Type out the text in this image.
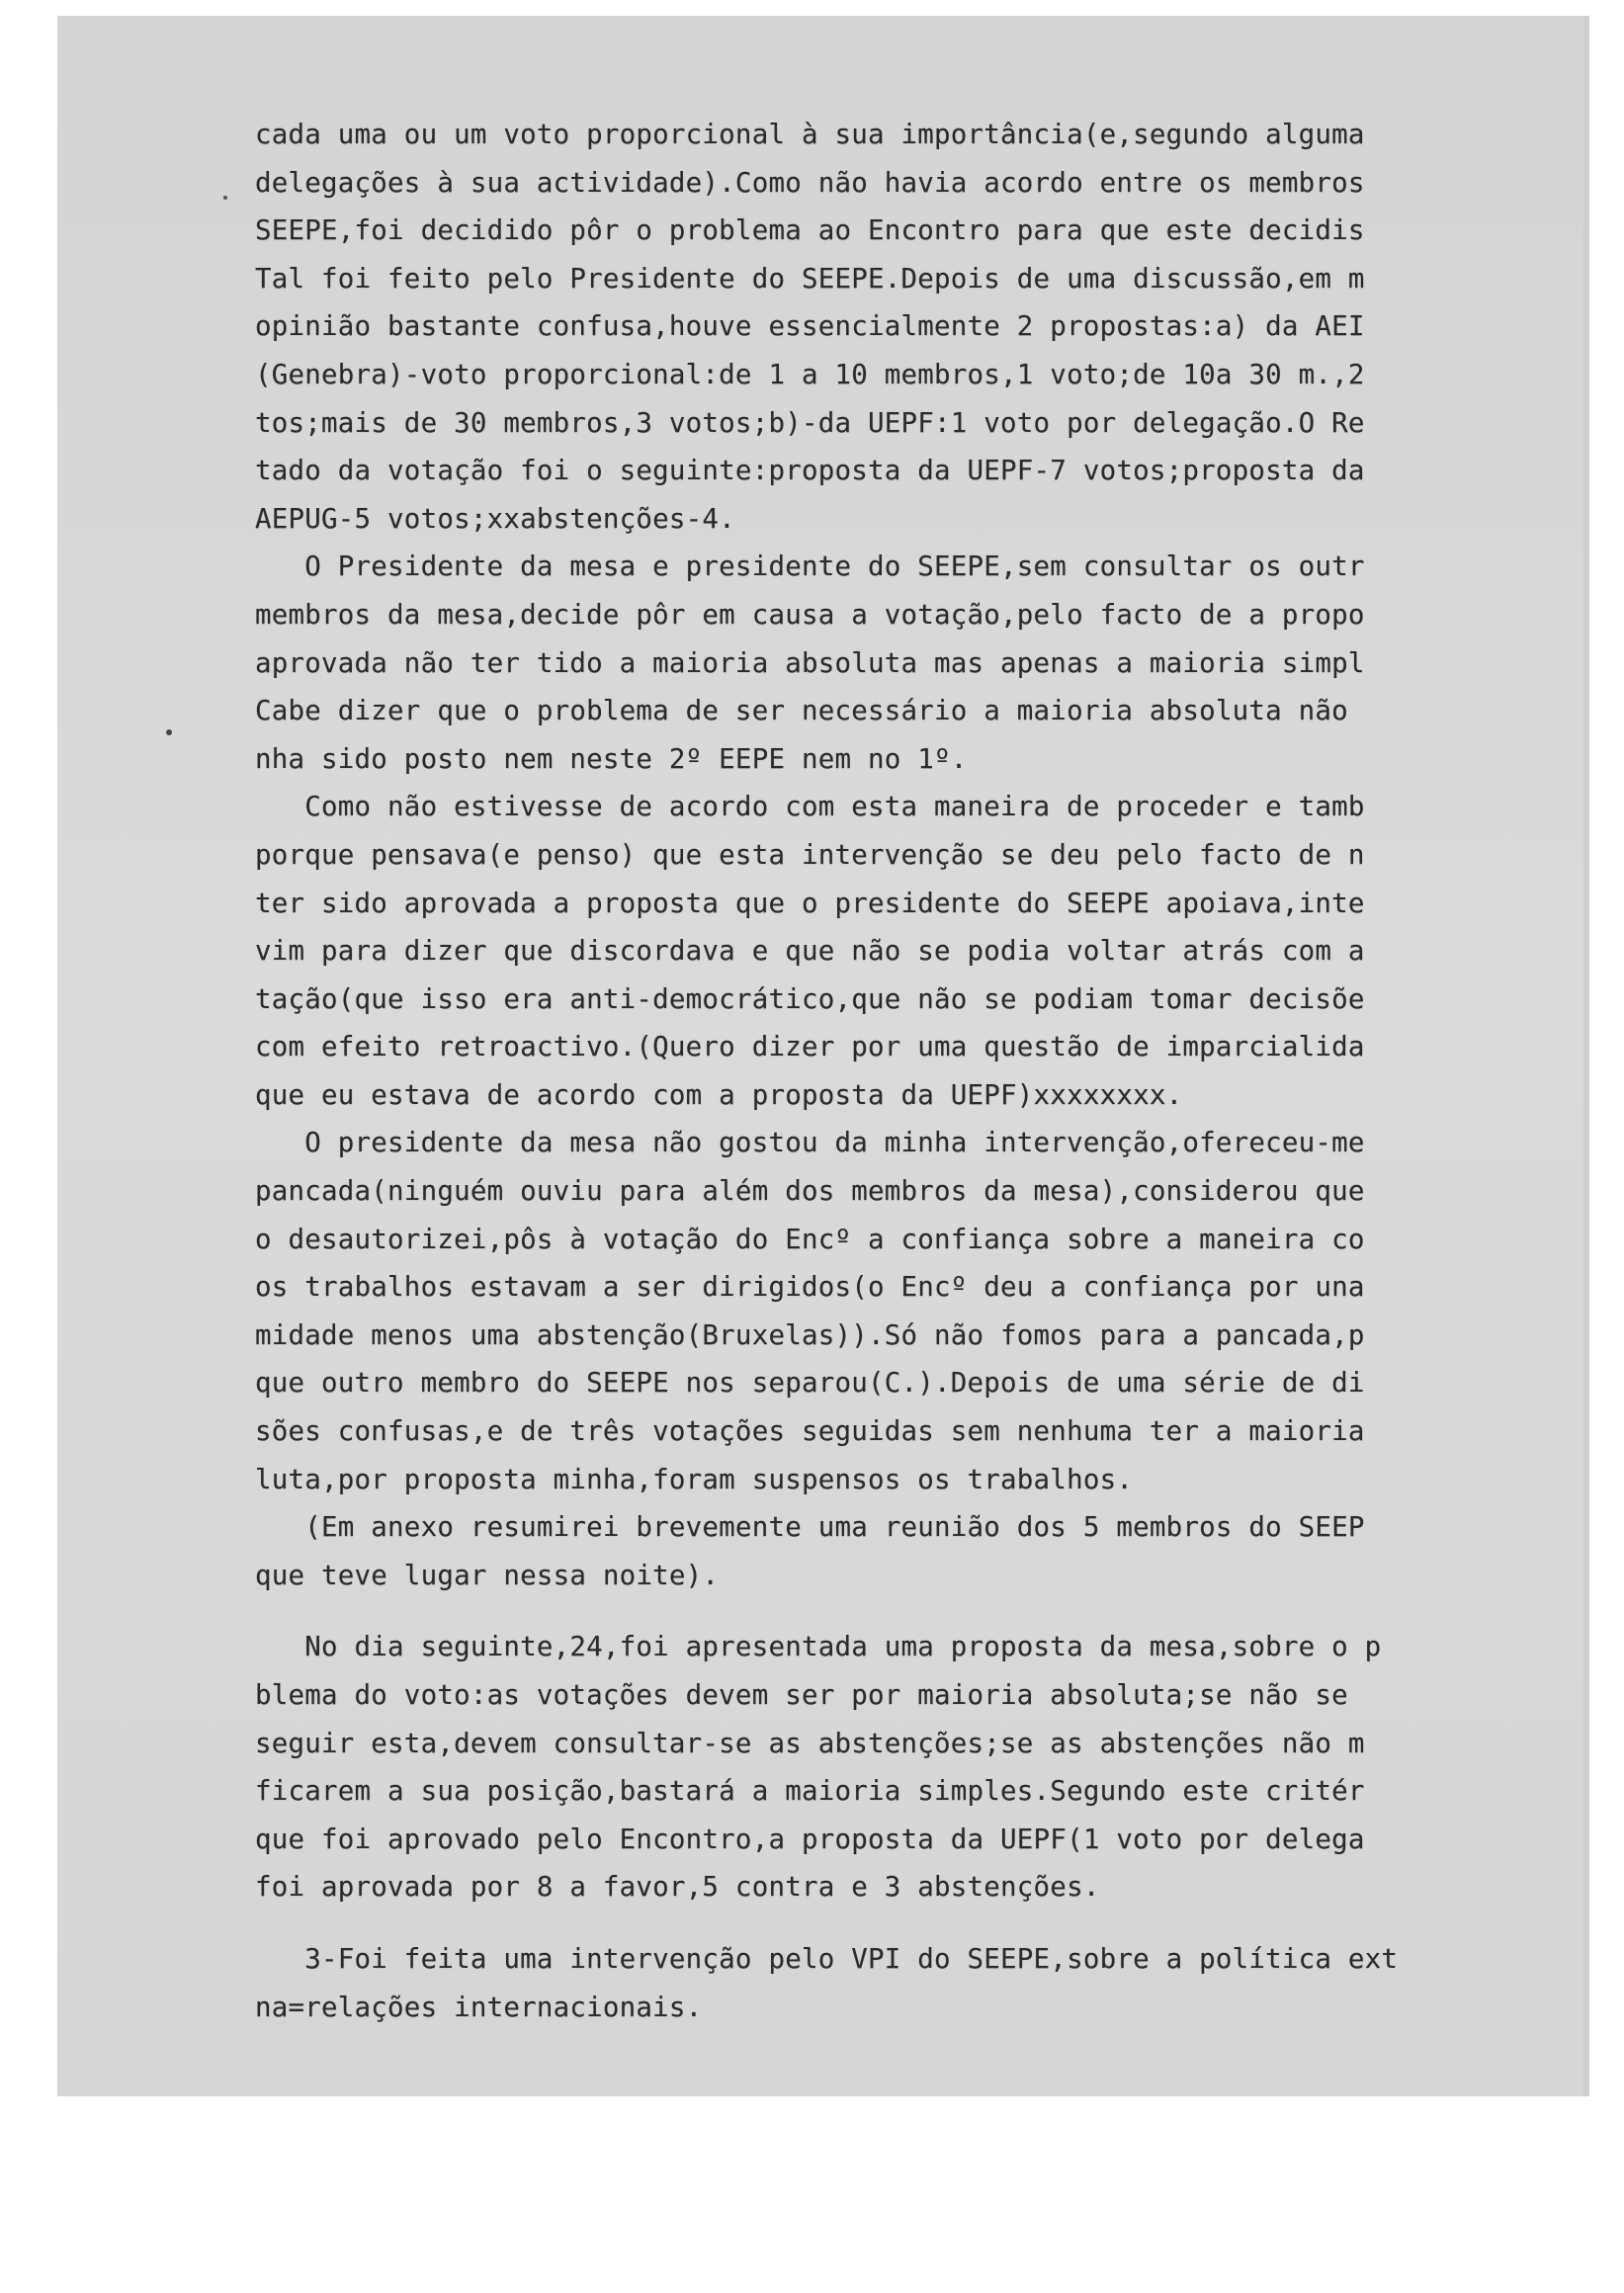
cada uma ou um voto proporcional à sua importância(e,segundo alguma
delegações à sua actividade).Como não havia acordo entre os membros
SEEPE,foi decidido pôr o problema ao Encontro para que este decidis
Tal foi feito pelo Presidente do SEEPE.Depois de uma discussão,em m
opinião bastante confusa,houve essencialmente 2 propostas:a) da AEI
(Genebra)-voto proporcional:de 1 a 10 membros,1 voto;de 10a 30 m.,2
tos;mais de 30 membros,3 votos;b)-da UEPF:1 voto por delegação.O Re
tado da votação foi o seguinte:proposta da UEPF-7 votos;proposta da
AEPUG-5 votos;xxabstenções-4.
O Presidente da mesa e presidente do SEEPE,sem consultar os outr
membros da mesa,decide pôr em causa a votação,pelo facto de a propo
aprovada não ter tido a maioria absoluta mas apenas a maioria simpl
Cabe dizer que o problema de ser necessário a maioria absoluta não
nha sido posto nem neste 2º EEPE nem no 1º.
Como não estivesse de acordo com esta maneira de proceder e tamb
porque pensava(e penso) que esta intervenção se deu pelo facto de n
ter sido aprovada a proposta que o presidente do SEEPE apoiava,inte
vim para dizer que discordava e que não se podia voltar atrás com a
tação(que isso era anti-democrático,que não se podiam tomar decisõe
com efeito retroactivo.(Quero dizer por uma questão de imparcialida
que eu estava de acordo com a proposta da UEPF)xxxxxxxx.
O presidente da mesa não gostou da minha intervenção,ofereceu-me
pancada(ninguém ouviu para além dos membros da mesa),considerou que
o desautorizei,pôs à votação do Encº a confiança sobre a maneira co
os trabalhos estavam a ser dirigidos(o Encº deu a confiança por una
midade menos uma abstenção(Bruxelas)).Só não fomos para a pancada,p
que outro membro do SEEPE nos separou(C.).Depois de uma série de di
sões confusas,e de três votações seguidas sem nenhuma ter a maioria
luta,por proposta minha,foram suspensos os trabalhos.
(Em anexo resumirei brevemente uma reunião dos 5 membros do SEEP
que teve lugar nessa noite).
No dia seguinte,24,foi apresentada uma proposta da mesa,sobre o p
blema do voto:as votações devem ser por maioria absoluta;se não se
seguir esta,devem consultar-se as abstenções;se as abstenções não m
ficarem a sua posição,bastará a maioria simples.Segundo este critér
que foi aprovado pelo Encontro,a proposta da UEPF(1 voto por delega
foi aprovada por 8 a favor,5 contra e 3 abstenções.
3-Foi feita uma intervenção pelo VPI do SEEPE,sobre a política ext
na=relações internacionais.
